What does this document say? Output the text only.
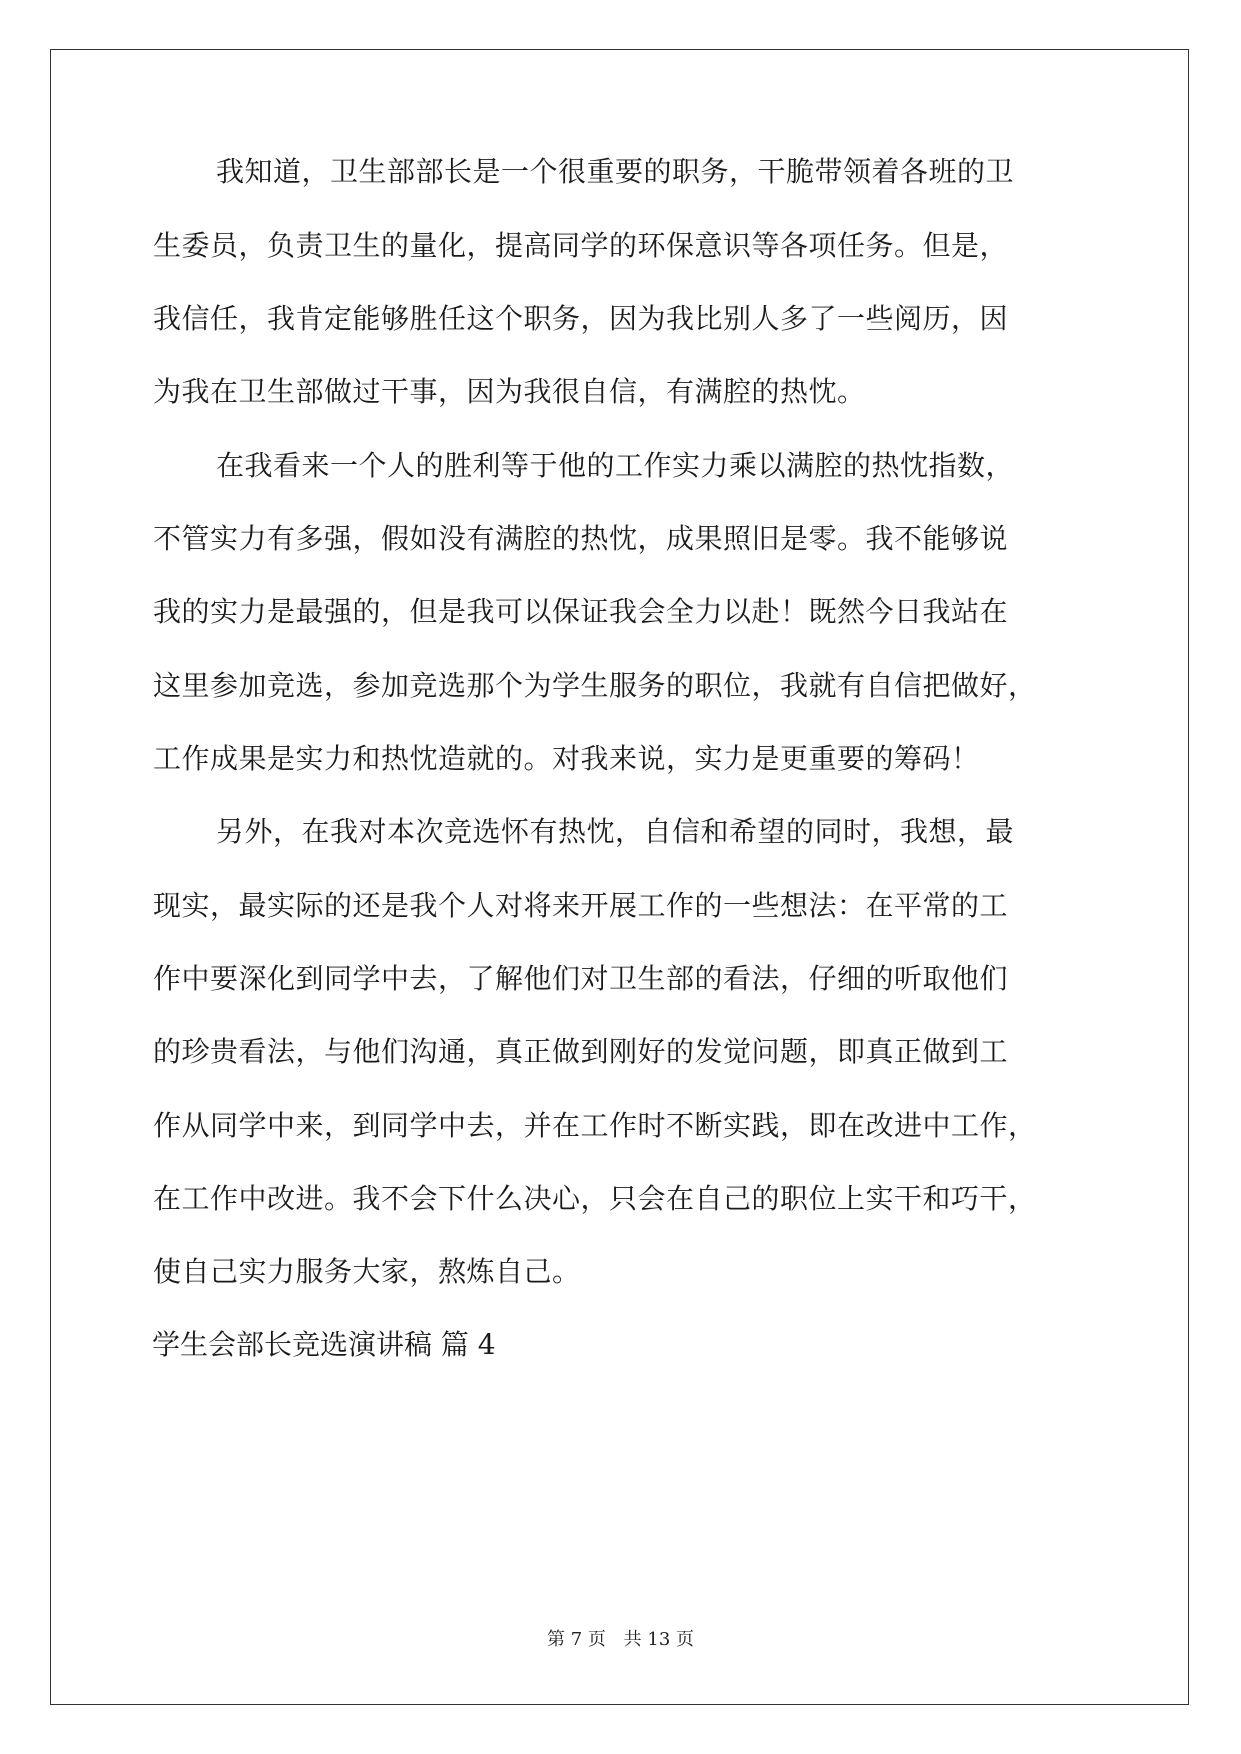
我知道，卫生部部长是一个很重要的职务，干脆带领着各班的卫
生委员，负责卫生的量化，提高同学的环保意识等各项任务。但是，
我信任，我肯定能够胜任这个职务，因为我比别人多了一些阅历，因
为我在卫生部做过干事，因为我很自信，有满腔的热忱。
在我看来一个人的胜利等于他的工作实力乘以满腔的热忱指数，
不管实力有多强，假如没有满腔的热忱，成果照旧是零。我不能够说
我的实力是最强的，但是我可以保证我会全力以赴！既然今日我站在
这里参加竞选，参加竞选那个为学生服务的职位，我就有自信把做好，
工作成果是实力和热忱造就的。对我来说，实力是更重要的筹码！
另外，在我对本次竞选怀有热忱，自信和希望的同时，我想，最
现实，最实际的还是我个人对将来开展工作的一些想法：在平常的工
作中要深化到同学中去，了解他们对卫生部的看法，仔细的听取他们
的珍贵看法，与他们沟通，真正做到刚好的发觉问题，即真正做到工
作从同学中来，到同学中去，并在工作时不断实践，即在改进中工作，
在工作中改进。我不会下什么决心，只会在自己的职位上实干和巧干，
使自己实力服务大家，熬炼自己。
学生会部长竞选演讲稿 篇 4
第 7 页 共 13 页
